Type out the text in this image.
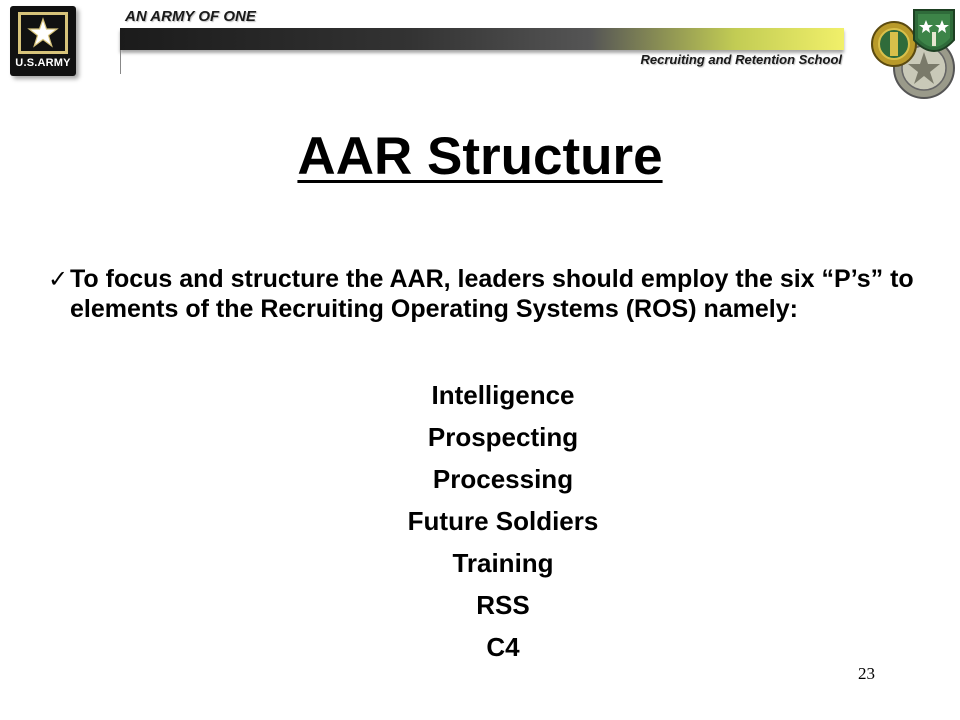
U.S.ARMY
AN ARMY OF ONE
Recruiting and Retention School
AAR Structure
✓ To focus and structure the AAR, leaders should employ the six “P’s” to elements of the Recruiting Operating Systems (ROS) namely:
Intelligence
Prospecting
Processing
Future Soldiers
Training
RSS
C4
23
